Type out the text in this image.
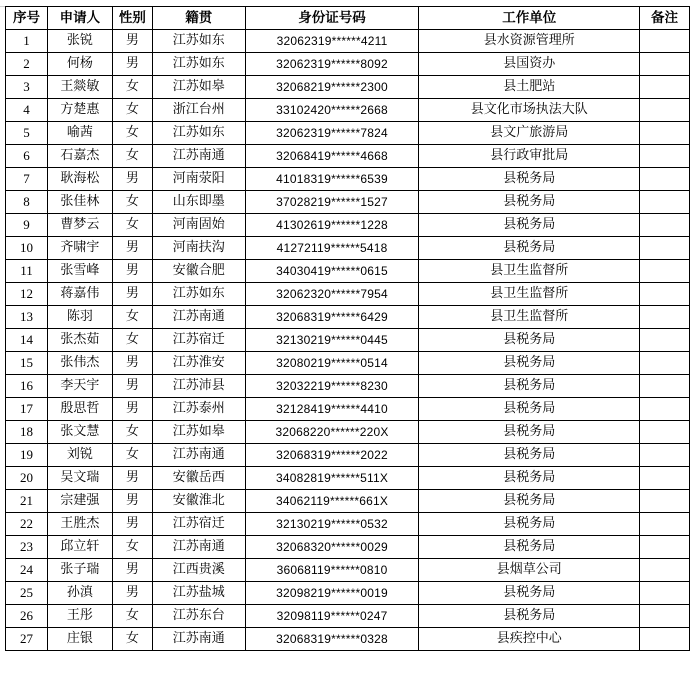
序号	申请人	性别	籍贯	身份证号码	工作单位	备注
1	张锐	男	江苏如东	32062319******4211	县水资源管理所	
2	何杨	男	江苏如东	32062319******8092	县国资办	
3	王燚敏	女	江苏如皋	32068219******2300	县土肥站	
4	方楚惠	女	浙江台州	33102420******2668	县文化市场执法大队	
5	喻茜	女	江苏如东	32062319******7824	县文广旅游局	
6	石嘉杰	女	江苏南通	32068419******4668	县行政审批局	
7	耿海松	男	河南荥阳	41018319******6539	县税务局	
8	张佳林	女	山东即墨	37028219******1527	县税务局	
9	曹梦云	女	河南固始	41302619******1228	县税务局	
10	齐啸宇	男	河南扶沟	41272119******5418	县税务局	
11	张雪峰	男	安徽合肥	34030419******0615	县卫生监督所	
12	蒋嘉伟	男	江苏如东	32062320******7954	县卫生监督所	
13	陈羽	女	江苏南通	32068319******6429	县卫生监督所	
14	张杰茹	女	江苏宿迁	32130219******0445	县税务局	
15	张伟杰	男	江苏淮安	32080219******0514	县税务局	
16	李天宇	男	江苏沛县	32032219******8230	县税务局	
17	殷思哲	男	江苏泰州	32128419******4410	县税务局	
18	张文慧	女	江苏如皋	32068220******220X	县税务局	
19	刘锐	女	江苏南通	32068319******2022	县税务局	
20	吴文瑞	男	安徽岳西	34082819******511X	县税务局	
21	宗建强	男	安徽淮北	34062119******661X	县税务局	
22	王胜杰	男	江苏宿迁	32130219******0532	县税务局	
23	邱立轩	女	江苏南通	32068320******0029	县税务局	
24	张子瑞	男	江西贵溪	36068119******0810	县烟草公司	
25	孙滇	男	江苏盐城	32098219******0019	县税务局	
26	王彤	女	江苏东台	32098119******0247	县税务局	
27	庄银	女	江苏南通	32068319******0328	县疾控中心	
